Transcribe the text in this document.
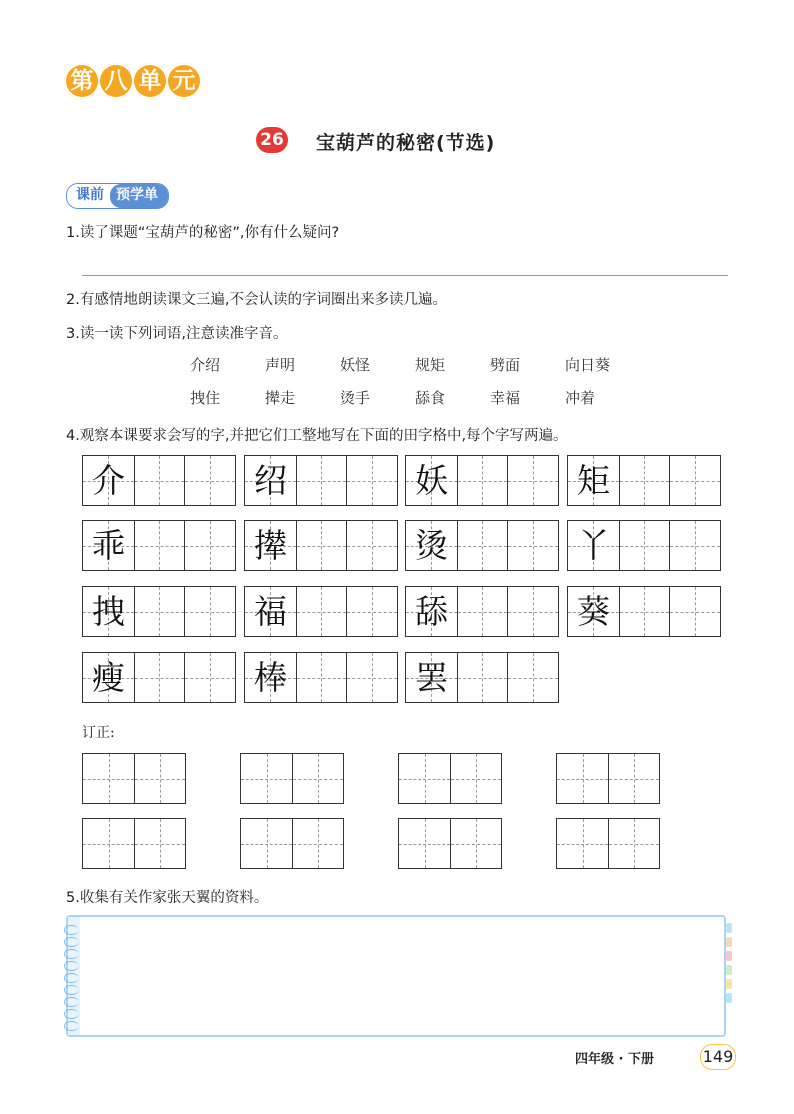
第 八 单 元
26 宝葫芦的秘密(节选)
课前 预学单
1.读了课题“宝葫芦的秘密”,你有什么疑问?
2.有感情地朗读课文三遍,不会认读的字词圈出来多读几遍。
3.读一读下列词语,注意读准字音。
介绍	声明	妖怪	规矩	劈面	向日葵
拽住	撵走	烫手	舔食	幸福	冲着
4.观察本课要求会写的字,并把它们工整地写在下面的田字格中,每个字写两遍。
介	绍	妖	矩
乖	撵	烫	丫
拽	福	舔	葵
瘦	棒	罢
订正:
5.收集有关作家张天翼的资料。
四年级 · 下册	149
